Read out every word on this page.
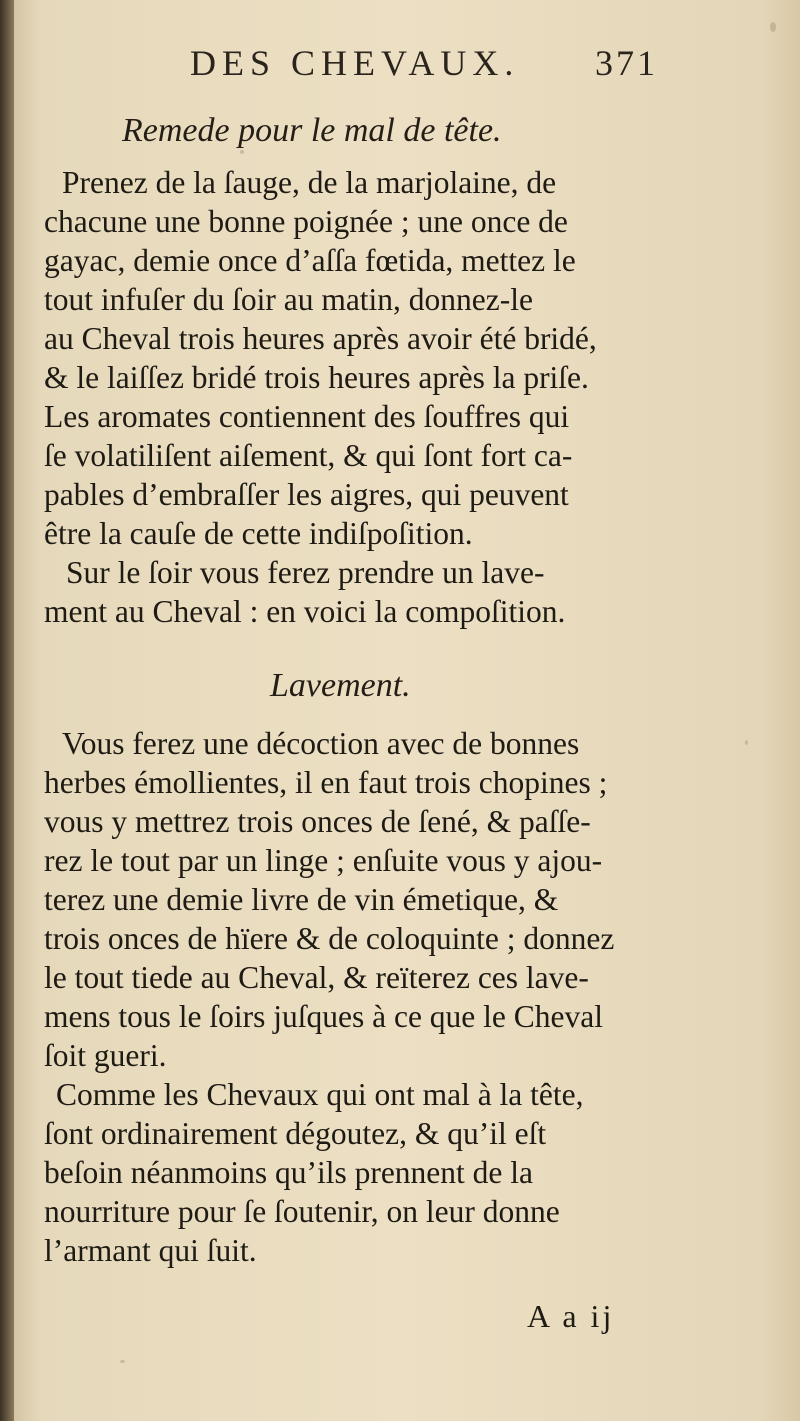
DES CHEVAUX. 371
Remede pour le mal de tête.
Prenez de la ſauge, de la marjolaine, de
chacune une bonne poignée ; une once de
gayac, demie once d’aſſa fœtida, mettez le
tout infuſer du ſoir au matin, donnez-le
au Cheval trois heures après avoir été bridé,
& le laiſſez bridé trois heures après la priſe.
Les aromates contiennent des ſouffres qui
ſe volatiliſent aiſement, & qui ſont fort ca-
pables d’embraſſer les aigres, qui peuvent
être la cauſe de cette indiſpoſition.
Sur le ſoir vous ferez prendre un lave-
ment au Cheval : en voici la compoſition.
Lavement.
Vous ferez une décoction avec de bonnes
herbes émollientes, il en faut trois chopines ;
vous y mettrez trois onces de ſené, & paſſe-
rez le tout par un linge ; enſuite vous y ajou-
terez une demie livre de vin émetique, &
trois onces de hïere & de coloquinte ; donnez
le tout tiede au Cheval, & reïterez ces lave-
mens tous le ſoirs juſques à ce que le Cheval
ſoit gueri.
Comme les Chevaux qui ont mal à la tête,
ſont ordinairement dégoutez, & qu’il eſt
beſoin néanmoins qu’ils prennent de la
nourriture pour ſe ſoutenir, on leur donne
l’armant qui ſuit.
A a ij
